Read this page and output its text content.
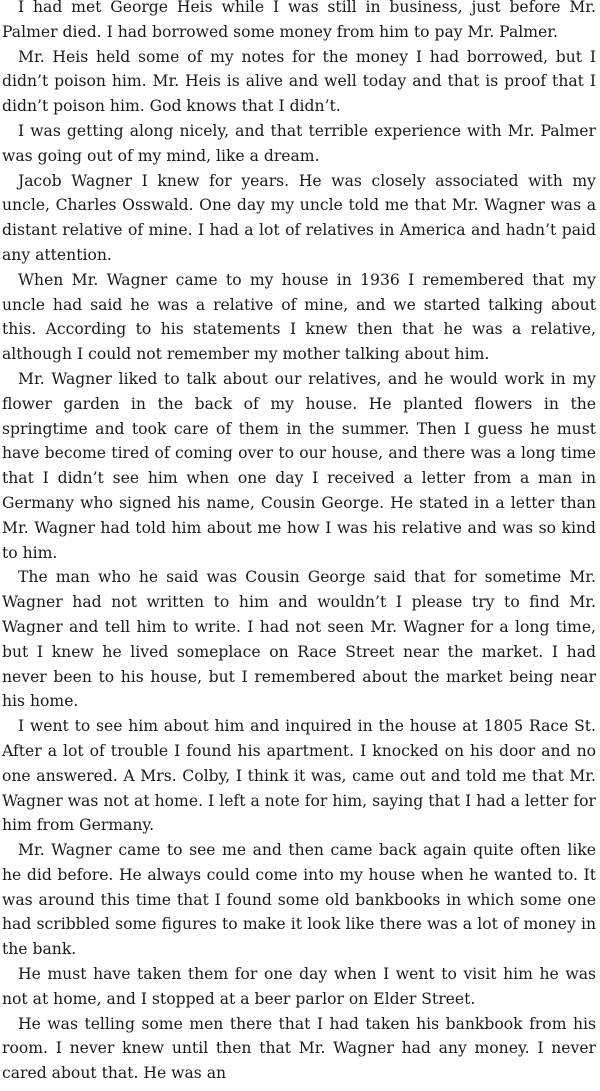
I had met George Heis while I was still in business, just before Mr. Palmer died. I had borrowed some money from him to pay Mr. Palmer.

Mr. Heis held some of my notes for the money I had borrowed, but I didn’t poison him. Mr. Heis is alive and well today and that is proof that I didn’t poison him. God knows that I didn’t.

I was getting along nicely, and that terrible experience with Mr. Palmer was going out of my mind, like a dream.

Jacob Wagner I knew for years. He was closely associated with my uncle, Charles Osswald. One day my uncle told me that Mr. Wagner was a distant relative of mine. I had a lot of relatives in America and hadn’t paid any attention.

When Mr. Wagner came to my house in 1936 I remembered that my uncle had said he was a relative of mine, and we started talking about this. According to his statements I knew then that he was a relative, although I could not remember my mother talking about him.

Mr. Wagner liked to talk about our relatives, and he would work in my flower garden in the back of my house. He planted flowers in the springtime and took care of them in the summer. Then I guess he must have become tired of coming over to our house, and there was a long time that I didn’t see him when one day I received a letter from a man in Germany who signed his name, Cousin George. He stated in a letter than Mr. Wagner had told him about me how I was his relative and was so kind to him.

The man who he said was Cousin George said that for sometime Mr. Wagner had not written to him and wouldn’t I please try to find Mr. Wagner and tell him to write. I had not seen Mr. Wagner for a long time, but I knew he lived someplace on Race Street near the market. I had never been to his house, but I remembered about the market being near his home.

I went to see him about him and inquired in the house at 1805 Race St. After a lot of trouble I found his apartment. I knocked on his door and no one answered. A Mrs. Colby, I think it was, came out and told me that Mr. Wagner was not at home. I left a note for him, saying that I had a letter for him from Germany.

Mr. Wagner came to see me and then came back again quite often like he did before. He always could come into my house when he wanted to. It was around this time that I found some old bankbooks in which some one had scribbled some figures to make it look like there was a lot of money in the bank.

He must have taken them for one day when I went to visit him he was not at home, and I stopped at a beer parlor on Elder Street.

He was telling some men there that I had taken his bankbook from his room. I never knew until then that Mr. Wagner had any money. I never cared about that. He was an
